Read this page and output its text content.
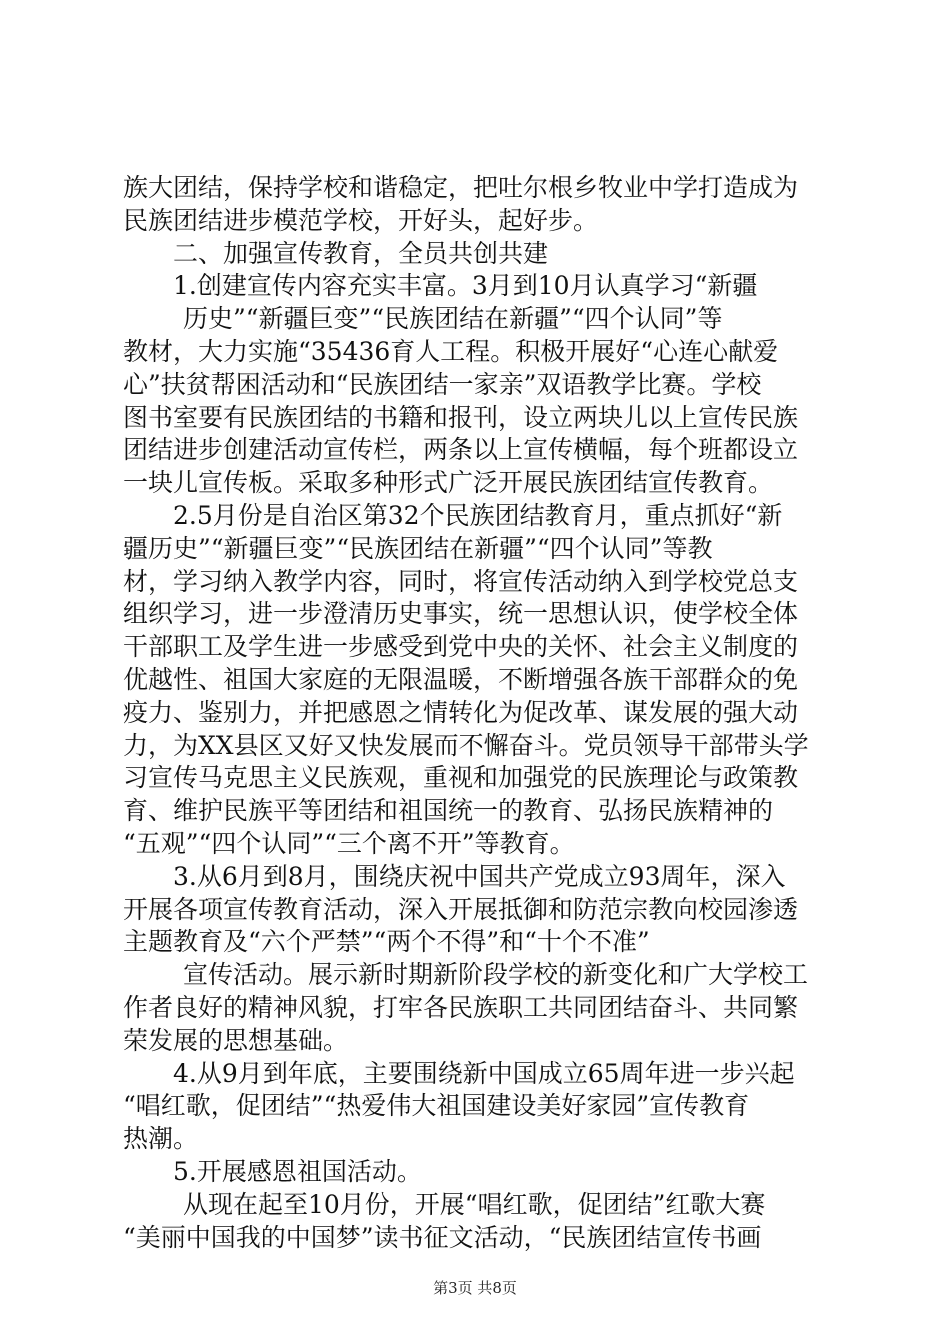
族大团结，保持学校和谐稳定，把吐尔根乡牧业中学打造成为
民族团结进步模范学校，开好头，起好步。
二、加强宣传教育，全员共创共建
1.创建宣传内容充实丰富。3月到10月认真学习“新疆
历史”“新疆巨变”“民族团结在新疆”“四个认同”等
教材，大力实施“35436育人工程。积极开展好“心连心献爱
心”扶贫帮困活动和“民族团结一家亲”双语教学比赛。学校
图书室要有民族团结的书籍和报刊，设立两块儿以上宣传民族
团结进步创建活动宣传栏，两条以上宣传横幅，每个班都设立
一块儿宣传板。采取多种形式广泛开展民族团结宣传教育。
2.5月份是自治区第32个民族团结教育月，重点抓好“新
疆历史”“新疆巨变”“民族团结在新疆”“四个认同”等教
材，学习纳入教学内容，同时，将宣传活动纳入到学校党总支
组织学习，进一步澄清历史事实，统一思想认识，使学校全体
干部职工及学生进一步感受到党中央的关怀、社会主义制度的
优越性、祖国大家庭的无限温暖，不断增强各族干部群众的免
疫力、鉴别力，并把感恩之情转化为促改革、谋发展的强大动
力，为XX县区又好又快发展而不懈奋斗。党员领导干部带头学
习宣传马克思主义民族观，重视和加强党的民族理论与政策教
育、维护民族平等团结和祖国统一的教育、弘扬民族精神的
“五观”“四个认同”“三个离不开”等教育。
3.从6月到8月，围绕庆祝中国共产党成立93周年，深入
开展各项宣传教育活动，深入开展抵御和防范宗教向校园渗透
主题教育及“六个严禁”“两个不得”和“十个不准”
宣传活动。展示新时期新阶段学校的新变化和广大学校工
作者良好的精神风貌，打牢各民族职工共同团结奋斗、共同繁
荣发展的思想基础。
4.从9月到年底，主要围绕新中国成立65周年进一步兴起
“唱红歌，促团结”“热爱伟大祖国建设美好家园”宣传教育
热潮。
5.开展感恩祖国活动。
从现在起至10月份，开展“唱红歌，促团结”红歌大赛
“美丽中国我的中国梦”读书征文活动，“民族团结宣传书画
第3页 共8页
